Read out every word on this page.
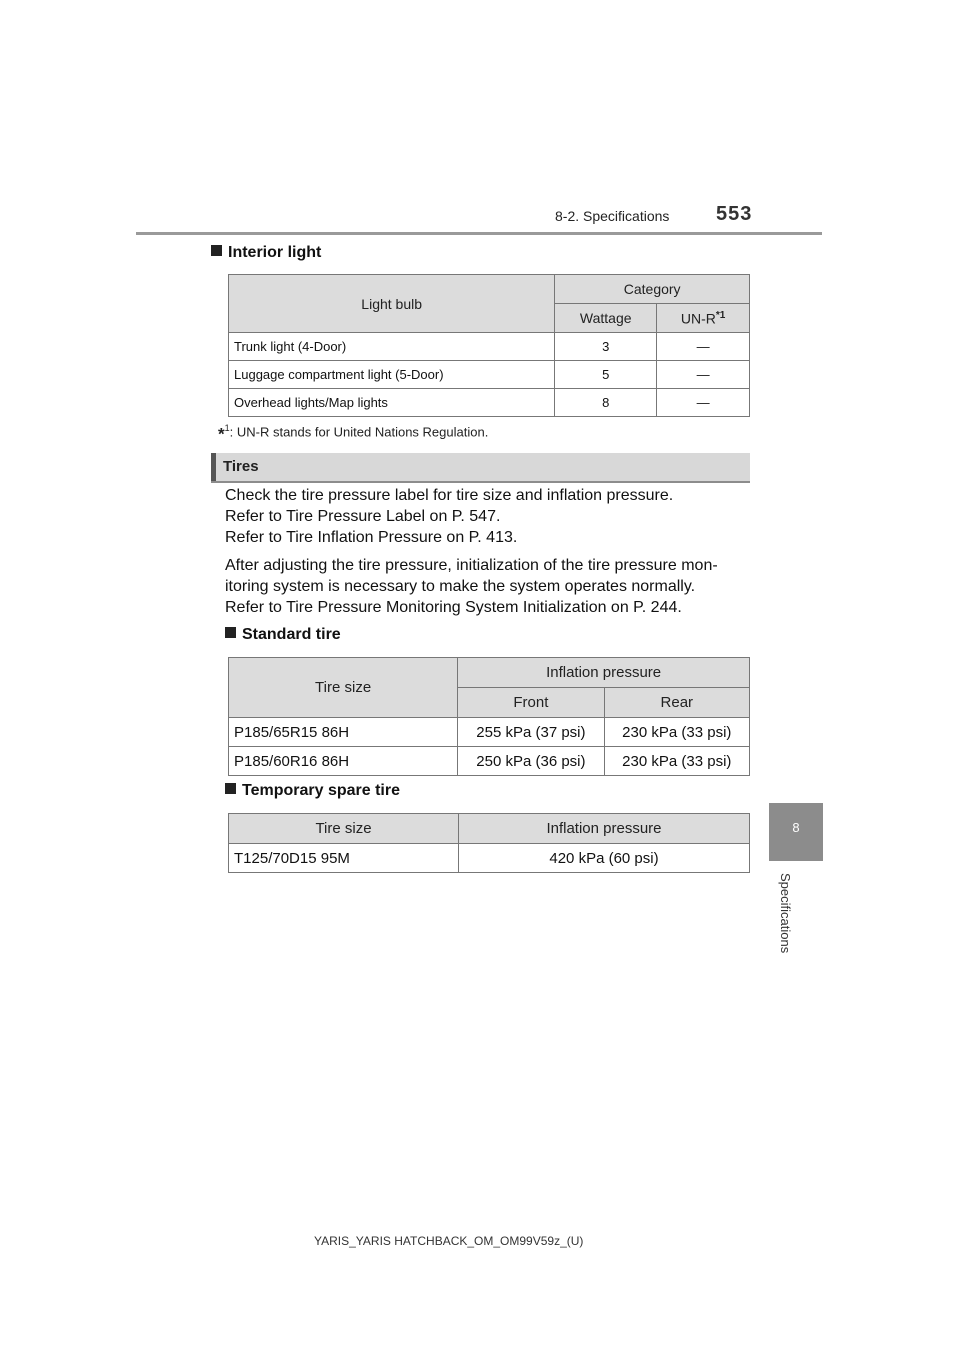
8-2. Specifications 553
8
Specifications
Interior light
Light bulb	Category	
	Wattage	$UN-R^{*1}$
Trunk light (4-Door)	3	—
Luggage compartment light (5-Door)	5	—
Overhead lights/Map lights	8	—
*$^1$: UN-R stands for United Nations Regulation.
Tires
Check the tire pressure label for tire size and inflation pressure.
Refer to Tire Pressure Label on P. 547.
Refer to Tire Inflation Pressure on P. 413.
After adjusting the tire pressure, initialization of the tire pressure mon-
itoring system is necessary to make the system operates normally.
Refer to Tire Pressure Monitoring System Initialization on P. 244.
Standard tire
Tire size	Inflation pressure	
	Front	Rear
P185/65R15 86H	255 kPa (37 psi)	230 kPa (33 psi)
P185/60R16 86H	250 kPa (36 psi)	230 kPa (33 psi)
Temporary spare tire
Tire size	Inflation pressure
T125/70D15 95M	420 kPa (60 psi)
YARIS_YARIS HATCHBACK_OM_OM99V59z_(U)
